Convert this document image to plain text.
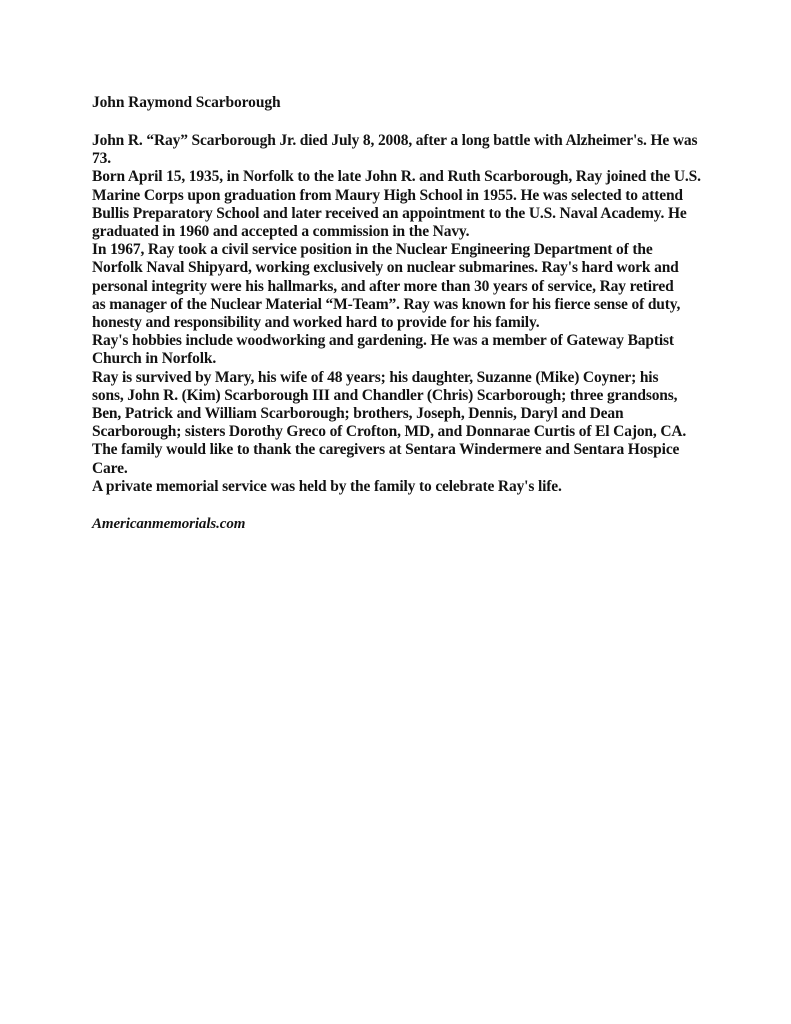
John Raymond Scarborough
John R. “Ray” Scarborough Jr. died July 8, 2008, after a long battle with Alzheimer's. He was
73.
Born April 15, 1935, in Norfolk to the late John R. and Ruth Scarborough, Ray joined the U.S.
Marine Corps upon graduation from Maury High School in 1955. He was selected to attend
Bullis Preparatory School and later received an appointment to the U.S. Naval Academy. He
graduated in 1960 and accepted a commission in the Navy.
In 1967, Ray took a civil service position in the Nuclear Engineering Department of the
Norfolk Naval Shipyard, working exclusively on nuclear submarines. Ray's hard work and
personal integrity were his hallmarks, and after more than 30 years of service, Ray retired
as manager of the Nuclear Material “M-Team”. Ray was known for his fierce sense of duty,
honesty and responsibility and worked hard to provide for his family.
Ray's hobbies include woodworking and gardening. He was a member of Gateway Baptist
Church in Norfolk.
Ray is survived by Mary, his wife of 48 years; his daughter, Suzanne (Mike) Coyner; his
sons, John R. (Kim) Scarborough III and Chandler (Chris) Scarborough; three grandsons,
Ben, Patrick and William Scarborough; brothers, Joseph, Dennis, Daryl and Dean
Scarborough; sisters Dorothy Greco of Crofton, MD, and Donnarae Curtis of El Cajon, CA.
The family would like to thank the caregivers at Sentara Windermere and Sentara Hospice
Care.
A private memorial service was held by the family to celebrate Ray's life.
Americanmemorials.com
